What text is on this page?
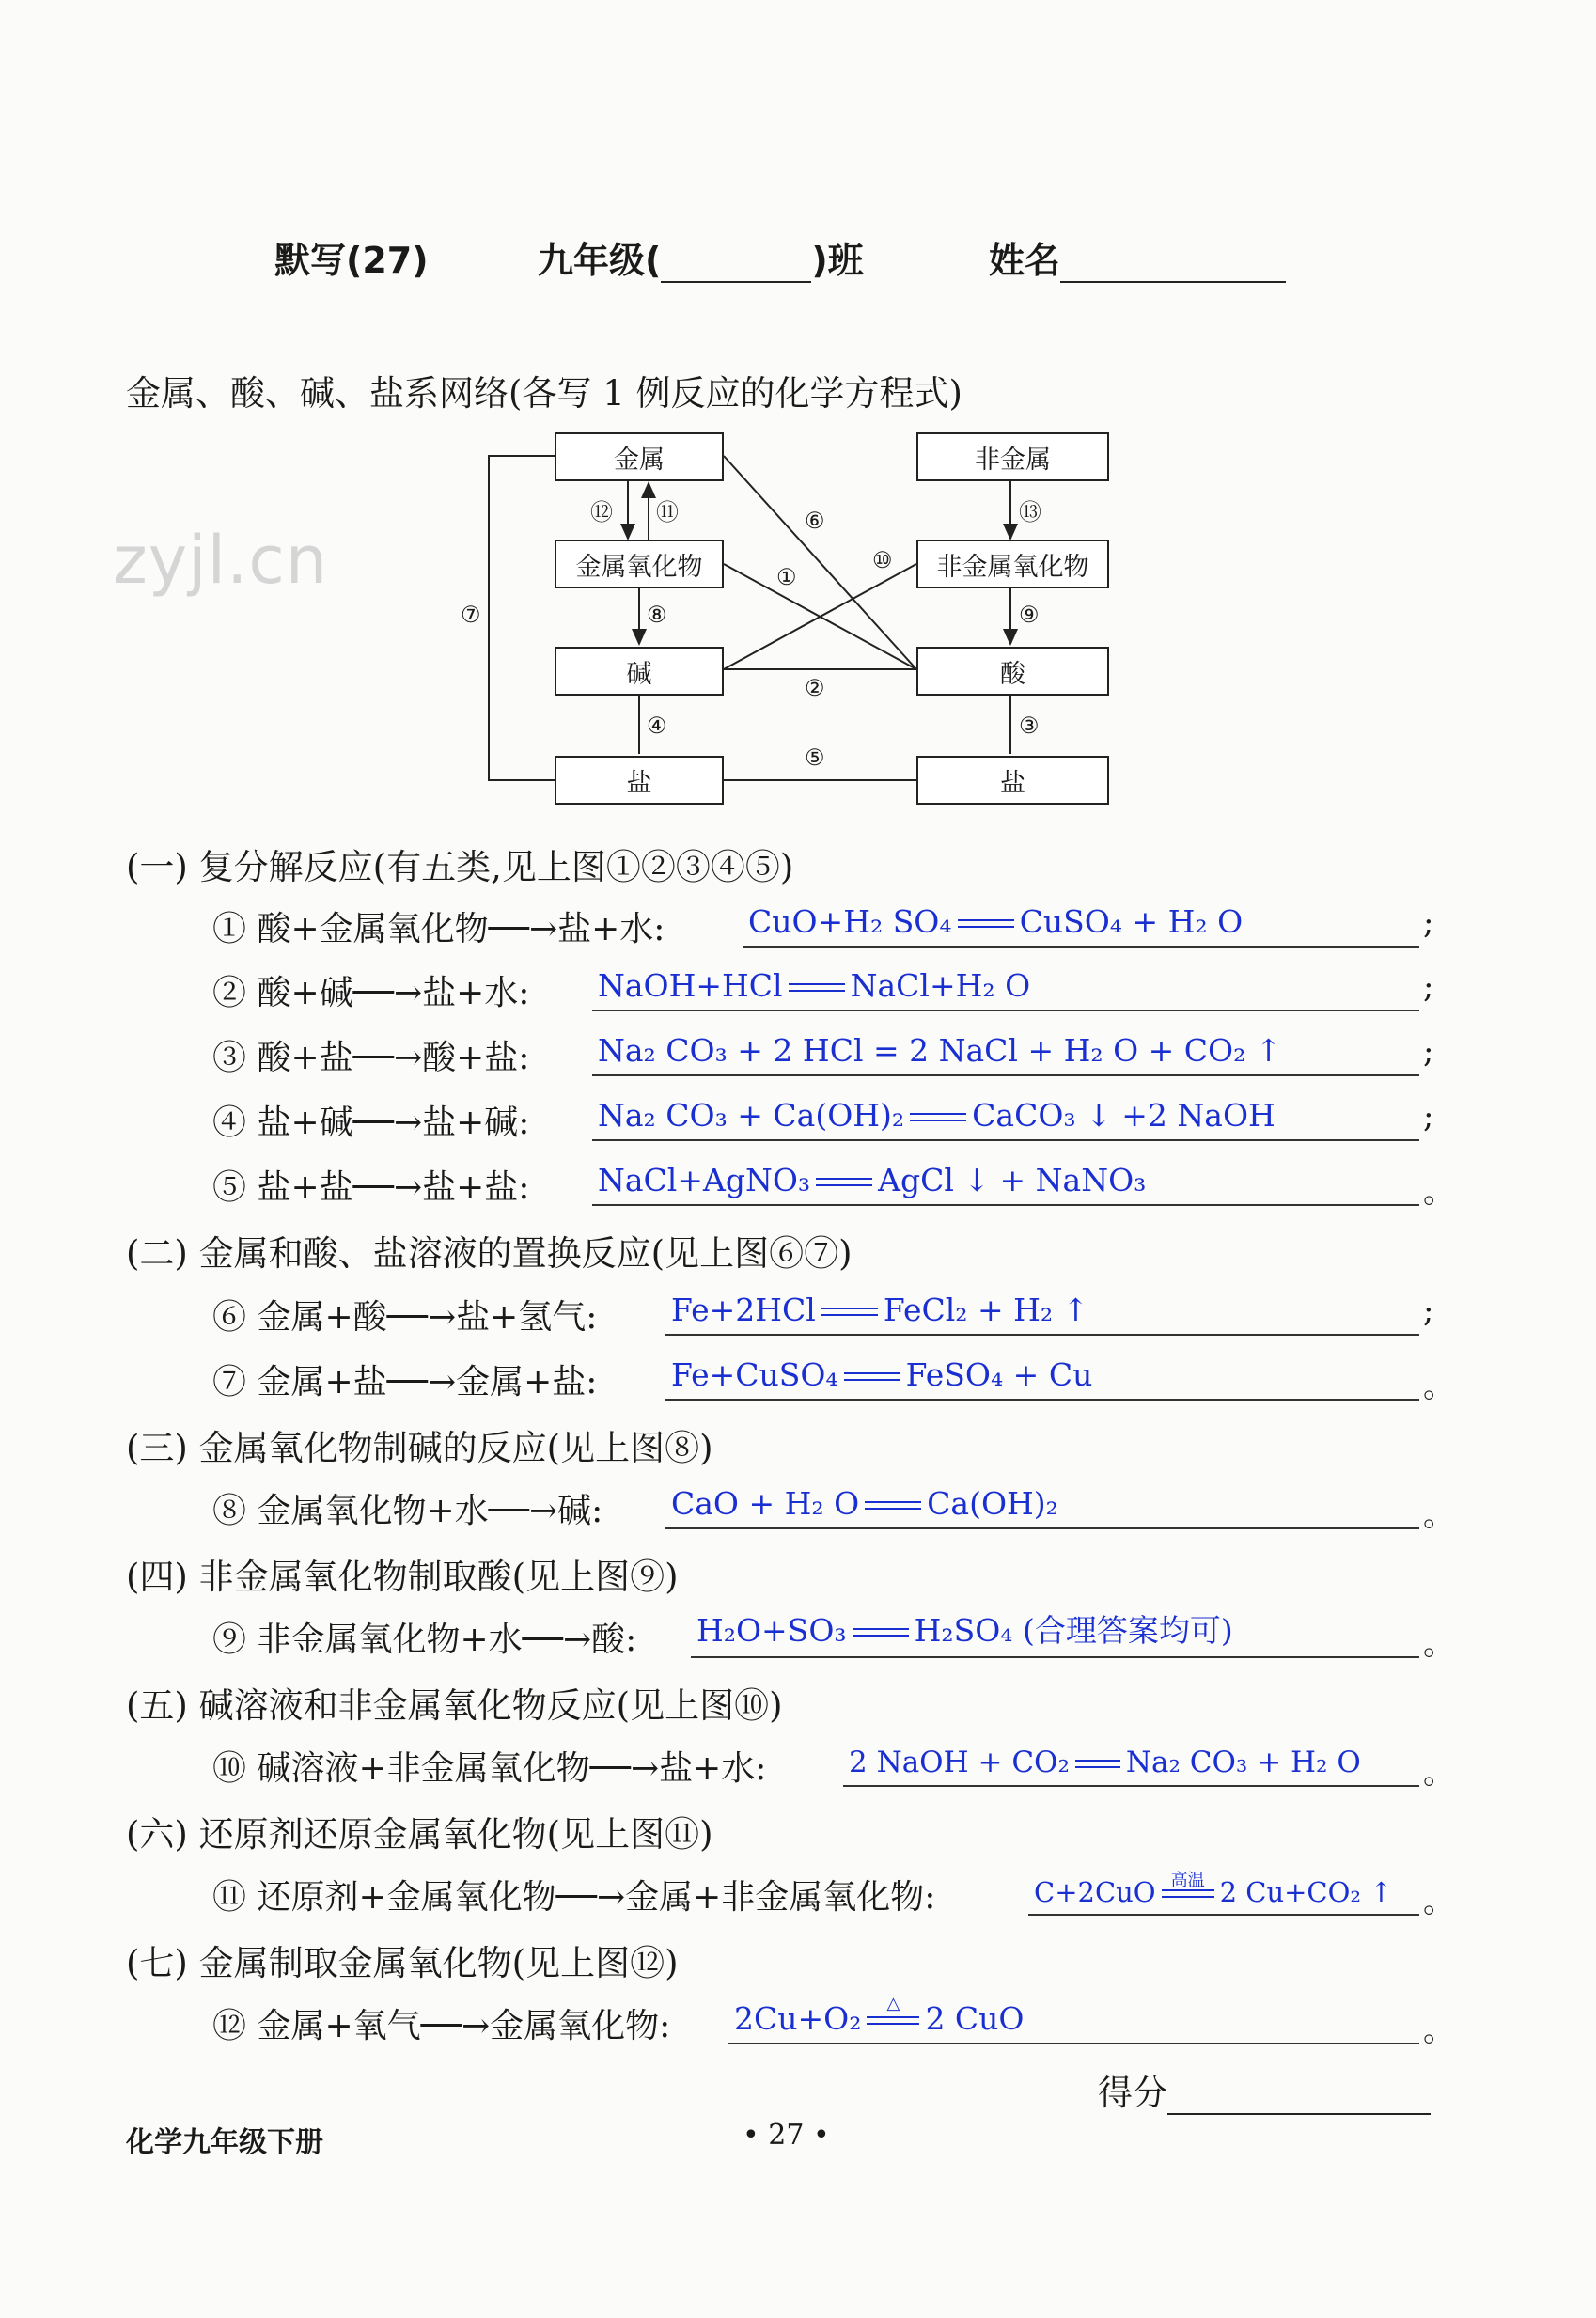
默写(27)	九年级(	)班	姓名
金属、酸、碱、盐系网络(各写 1 例反应的化学方程式)
zyjl.cn
金属	非金属
金属氧化物	非金属氧化物
碱	酸
盐	盐
⑫ ⑪
⑦	⑧
④
⑥
①
⑩
②
⑤
⑬
⑨
③
(一) 复分解反应(有五类,见上图①②③④⑤)
① 酸+金属氧化物──→盐+水:	CuO+H₂ SO₄ CuSO₄ + H₂ O	;
② 酸+碱──→盐+水: NaOH+HCl NaCl+H₂ O	;
③ 酸+盐──→酸+盐: Na₂ CO₃ + 2 HCl = 2 NaCl + H₂ O + CO₂ ↑	;
④ 盐+碱──→盐+碱: Na₂ CO₃ + Ca(OH)₂ CaCO₃ ↓ +2 NaOH	;
⑤ 盐+盐──→盐+盐: NaCl+AgNO₃ AgCl ↓ + NaNO₃	。
(二) 金属和酸、盐溶液的置换反应(见上图⑥⑦)
⑥ 金属+酸──→盐+氢气: Fe+2HCl FeCl₂ + H₂ ↑	;
⑦ 金属+盐──→金属+盐: Fe+CuSO₄ FeSO₄ + Cu	。
(三) 金属氧化物制碱的反应(见上图⑧)
⑧ 金属氧化物+水──→碱: CaO + H₂ O Ca(OH)₂	。
(四) 非金属氧化物制取酸(见上图⑨)
⑨ 非金属氧化物+水──→酸: H₂O+SO₃ H₂SO₄ (合理答案均可)	。
(五) 碱溶液和非金属氧化物反应(见上图⑩)
⑩ 碱溶液+非金属氧化物──→盐+水:	2 NaOH + CO₂ Na₂ CO₃ + H₂ O 。
(六) 还原剂还原金属氧化物(见上图⑪)
⑪ 还原剂+金属氧化物──→金属+非金属氧化物:	C+2CuO 高温 2 Cu+CO₂ ↑ 。
(七) 金属制取金属氧化物(见上图⑫)
⑫ 金属+氧气──→金属氧化物: 2Cu+O₂	△ 2 CuO	。
得分
化学九年级下册	• 27 •
